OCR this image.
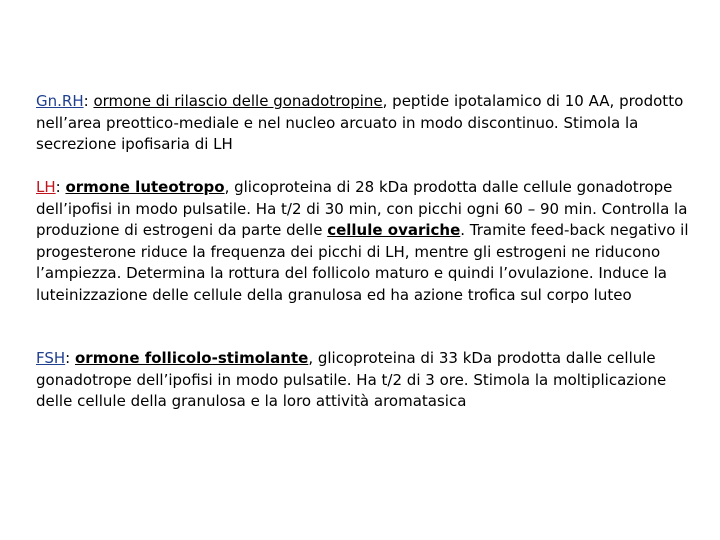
Gn.RH: ormone di rilascio delle gonadotropine, peptide ipotalamico di 10 AA, prodotto nell’area preottico-mediale e nel nucleo arcuato in modo discontinuo. Stimola la secrezione ipofisaria di LH

LH: ormone luteotropo, glicoproteina di 28 kDa prodotta dalle cellule gonadotrope dell’ipofisi in modo pulsatile. Ha t/2 di 30 min, con picchi ogni 60 – 90 min. Controlla la produzione di estrogeni da parte delle cellule ovariche. Tramite feed-back negativo il progesterone riduce la frequenza dei picchi di LH, mentre gli estrogeni ne riducono l’ampiezza. Determina la rottura del follicolo maturo e quindi l’ovulazione. Induce la luteinizzazione delle cellule della granulosa ed ha azione trofica sul corpo luteo

FSH: ormone follicolo-stimolante, glicoproteina di 33 kDa prodotta dalle cellule gonadotrope dell’ipofisi in modo pulsatile. Ha t/2 di 3 ore. Stimola la moltiplicazione delle cellule della granulosa e la loro attività aromatasica
